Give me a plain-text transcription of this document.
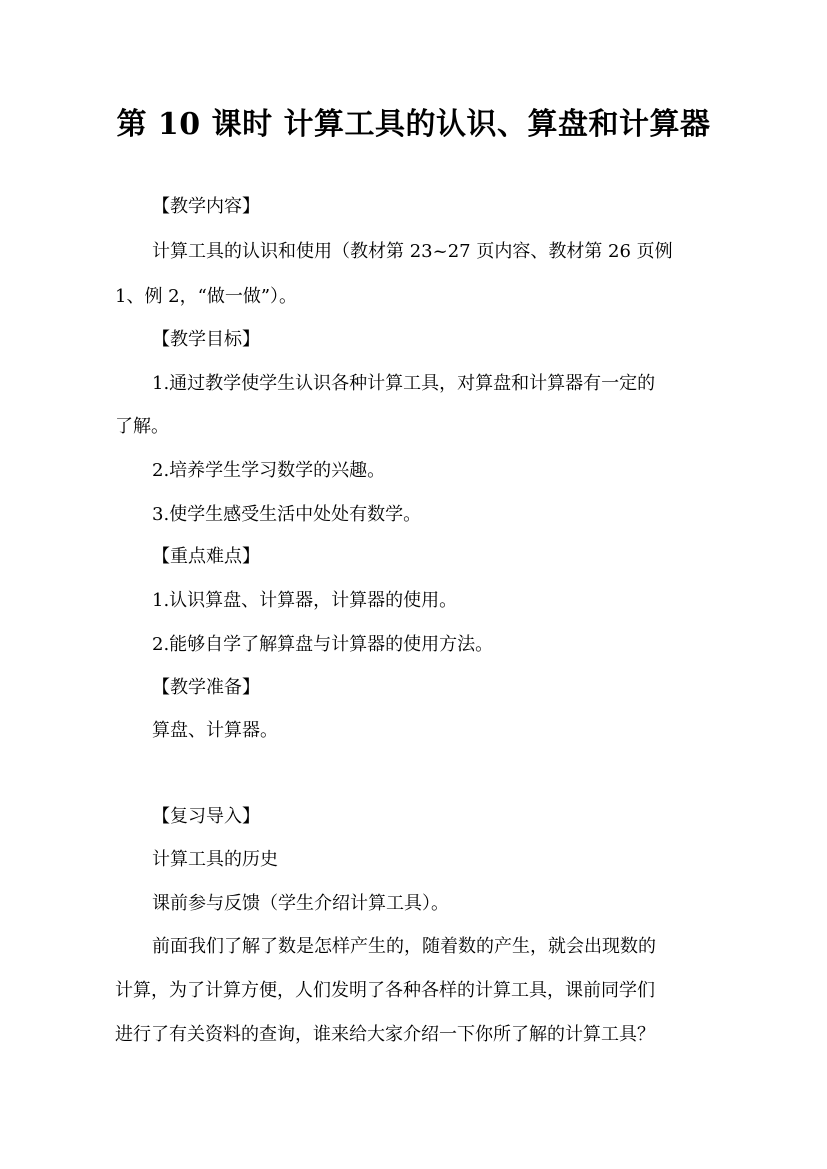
第 10 课时 计算工具的认识、算盘和计算器
【教学内容】
计算工具的认识和使用（教材第 23~27 页内容、教材第 26 页例
1、例 2，“做一做”）。
【教学目标】
1.通过教学使学生认识各种计算工具，对算盘和计算器有一定的
了解。
2.培养学生学习数学的兴趣。
3.使学生感受生活中处处有数学。
【重点难点】
1.认识算盘、计算器，计算器的使用。
2.能够自学了解算盘与计算器的使用方法。
【教学准备】
算盘、计算器。
【复习导入】
计算工具的历史
课前参与反馈（学生介绍计算工具）。
前面我们了解了数是怎样产生的，随着数的产生，就会出现数的
计算，为了计算方便，人们发明了各种各样的计算工具，课前同学们
进行了有关资料的查询，谁来给大家介绍一下你所了解的计算工具？
